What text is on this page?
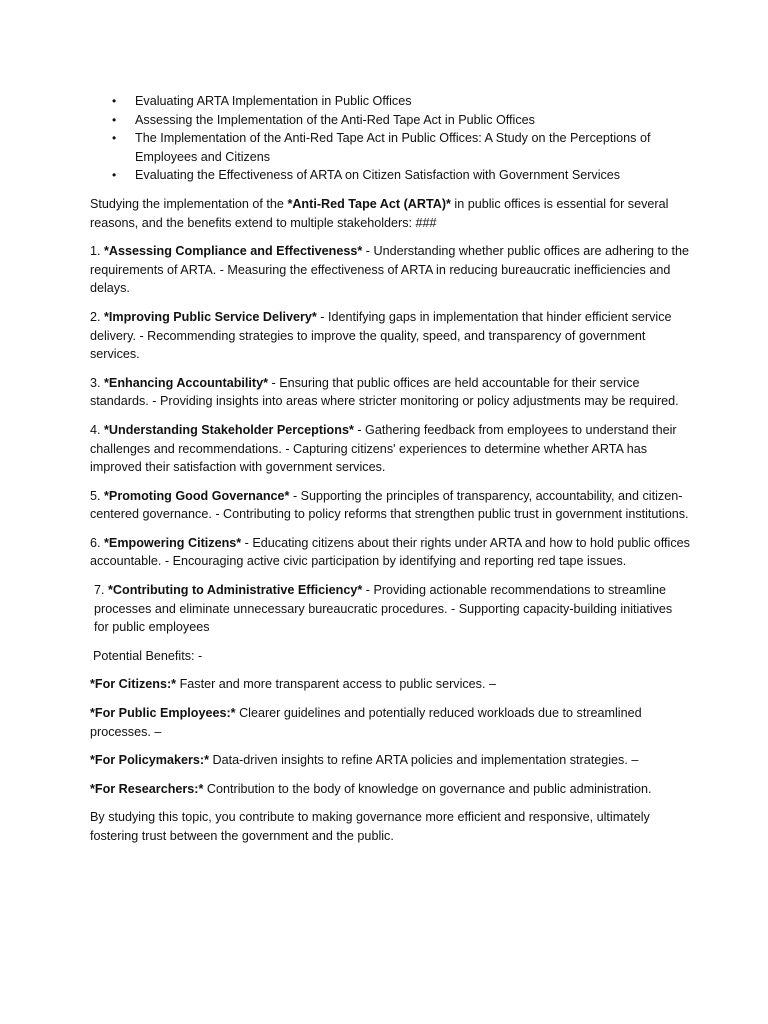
• Evaluating ARTA Implementation in Public Offices
• Assessing the Implementation of the Anti-Red Tape Act in Public Offices
• The Implementation of the Anti-Red Tape Act in Public Offices: A Study on the Perceptions of Employees and Citizens
• Evaluating the Effectiveness of ARTA on Citizen Satisfaction with Government Services

Studying the implementation of the *Anti-Red Tape Act (ARTA)* in public offices is essential for several reasons, and the benefits extend to multiple stakeholders: ###

1. *Assessing Compliance and Effectiveness* - Understanding whether public offices are adhering to the requirements of ARTA. - Measuring the effectiveness of ARTA in reducing bureaucratic inefficiencies and delays.

2. *Improving Public Service Delivery* - Identifying gaps in implementation that hinder efficient service delivery. - Recommending strategies to improve the quality, speed, and transparency of government services.

3. *Enhancing Accountability* - Ensuring that public offices are held accountable for their service standards. - Providing insights into areas where stricter monitoring or policy adjustments may be required.

4. *Understanding Stakeholder Perceptions* - Gathering feedback from employees to understand their challenges and recommendations. - Capturing citizens' experiences to determine whether ARTA has improved their satisfaction with government services.

5. *Promoting Good Governance* - Supporting the principles of transparency, accountability, and citizen-centered governance. - Contributing to policy reforms that strengthen public trust in government institutions.

6. *Empowering Citizens* - Educating citizens about their rights under ARTA and how to hold public offices accountable. - Encouraging active civic participation by identifying and reporting red tape issues.

7. *Contributing to Administrative Efficiency* - Providing actionable recommendations to streamline processes and eliminate unnecessary bureaucratic procedures. - Supporting capacity-building initiatives for public employees

Potential Benefits: -

*For Citizens:* Faster and more transparent access to public services. –

*For Public Employees:* Clearer guidelines and potentially reduced workloads due to streamlined processes. –

*For Policymakers:* Data-driven insights to refine ARTA policies and implementation strategies. –

*For Researchers:* Contribution to the body of knowledge on governance and public administration.

By studying this topic, you contribute to making governance more efficient and responsive, ultimately fostering trust between the government and the public.
